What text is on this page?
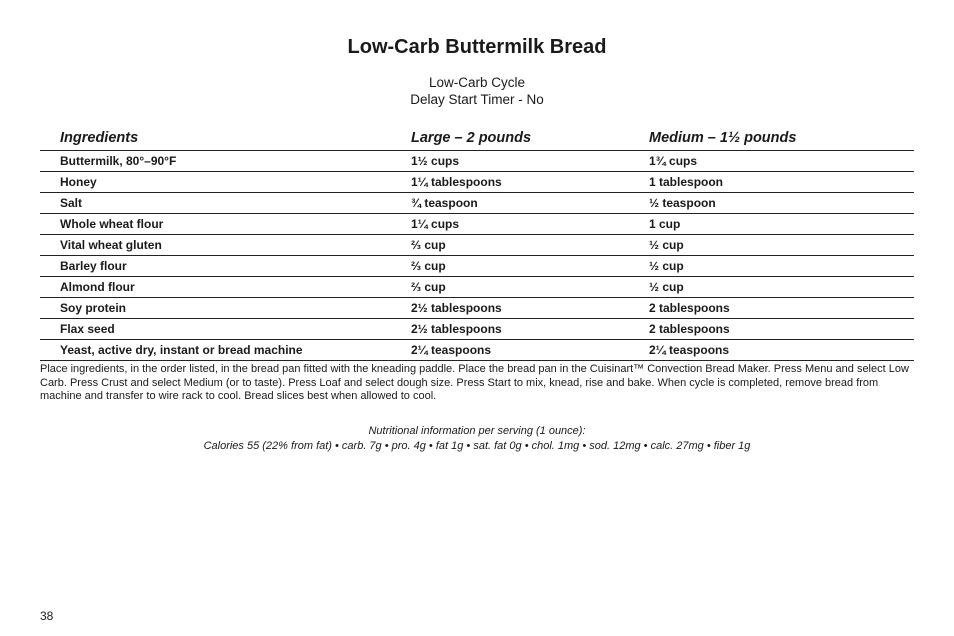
Low-Carb Buttermilk Bread
Low-Carb Cycle
Delay Start Timer - No
Ingredients	Large – 2 pounds	Medium – 1½ pounds
Buttermilk, 80°–90°F	1½ cups	1¾ cups
Honey	1¼ tablespoons	1 tablespoon
Salt	¾ teaspoon	½ teaspoon
Whole wheat flour	1¼ cups	1 cup
Vital wheat gluten	⅔ cup	½ cup
Barley flour	⅔ cup	½ cup
Almond flour	⅔ cup	½ cup
Soy protein	2½ tablespoons	2 tablespoons
Flax seed	2½ tablespoons	2 tablespoons
Yeast, active dry, instant or bread machine	2¼ teaspoons	2¼ teaspoons
Place ingredients, in the order listed, in the bread pan fitted with the kneading paddle. Place the bread pan in the Cuisinart™ Convection Bread Maker. Press Menu and select Low Carb. Press Crust and select Medium (or to taste). Press Loaf and select dough size. Press Start to mix, knead, rise and bake. When cycle is completed, remove bread from machine and transfer to wire rack to cool. Bread slices best when allowed to cool.
Nutritional information per serving (1 ounce):
Calories 55 (22% from fat) • carb. 7g • pro. 4g • fat 1g • sat. fat 0g • chol. 1mg • sod. 12mg • calc. 27mg • fiber 1g
38
